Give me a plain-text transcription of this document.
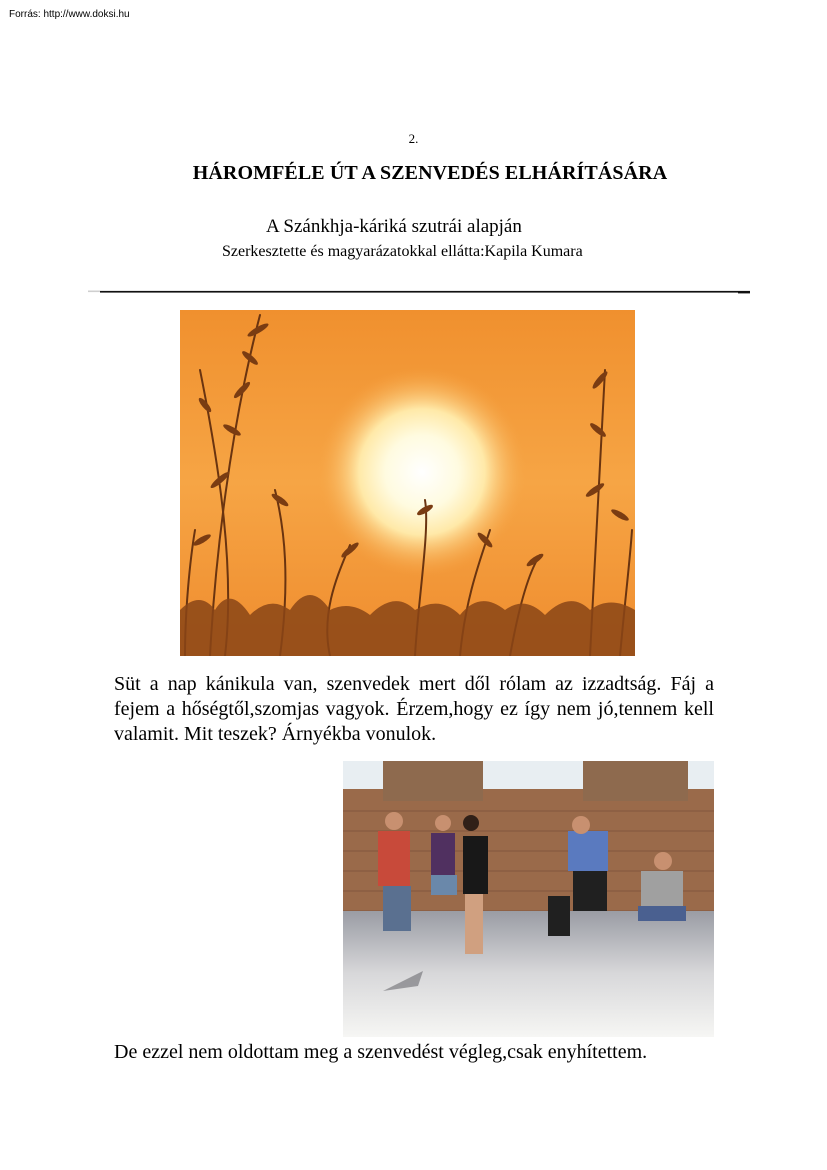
Forrás: http://www.doksi.hu
2.
HÁROMFÉLE ÚT A SZENVEDÉS ELHÁRÍTÁSÁRA
A Szánkhja-káriká szutrái alapján
Szerkesztette és magyarázatokkal ellátta:Kapila Kumara

Süt a nap kánikula van, szenvedek mert dől rólam az izzadtság. Fáj a fejem a hőségtől,szomjas vagyok. Érzem,hogy ez így nem jó,tennem kell valamit. Mit teszek? Árnyékba vonulok.

De ezzel nem oldottam meg a szenvedést végleg,csak enyhítettem.
